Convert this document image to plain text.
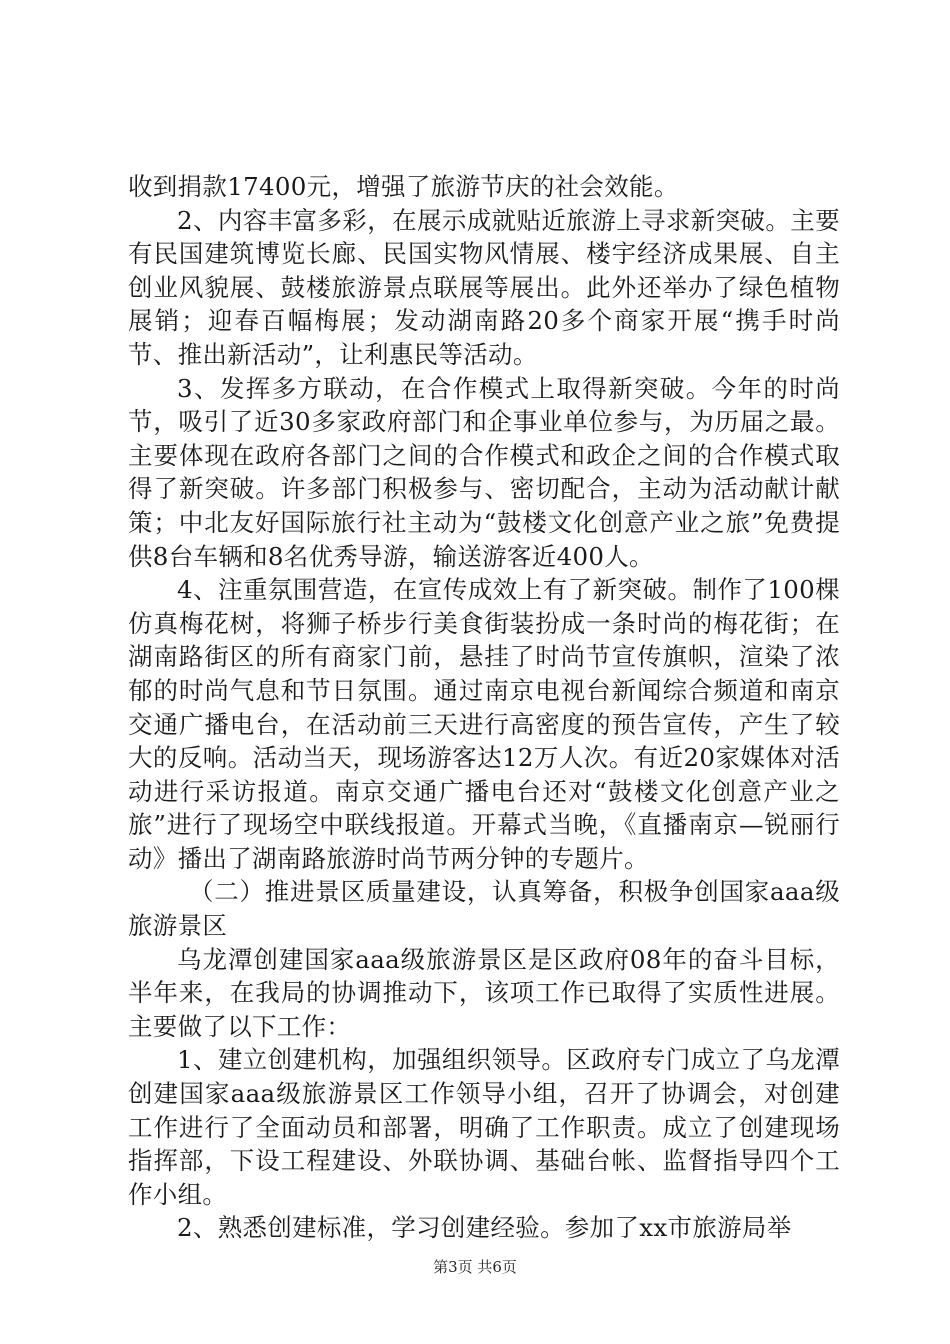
收到捐款17400元，增强了旅游节庆的社会效能。

2、内容丰富多彩，在展示成就贴近旅游上寻求新突破。主要有民国建筑博览长廊、民国实物风情展、楼宇经济成果展、自主创业风貌展、鼓楼旅游景点联展等展出。此外还举办了绿色植物展销；迎春百幅梅展；发动湖南路20多个商家开展“携手时尚节、推出新活动”，让利惠民等活动。

3、发挥多方联动，在合作模式上取得新突破。今年的时尚节，吸引了近30多家政府部门和企事业单位参与，为历届之最。主要体现在政府各部门之间的合作模式和政企之间的合作模式取得了新突破。许多部门积极参与、密切配合，主动为活动献计献策；中北友好国际旅行社主动为“鼓楼文化创意产业之旅”免费提供8台车辆和8名优秀导游，输送游客近400人。

4、注重氛围营造，在宣传成效上有了新突破。制作了100棵仿真梅花树，将狮子桥步行美食街装扮成一条时尚的梅花街；在湖南路街区的所有商家门前，悬挂了时尚节宣传旗帜，渲染了浓郁的时尚气息和节日氛围。通过南京电视台新闻综合频道和南京交通广播电台，在活动前三天进行高密度的预告宣传，产生了较大的反响。活动当天，现场游客达12万人次。有近20家媒体对活动进行采访报道。南京交通广播电台还对“鼓楼文化创意产业之旅”进行了现场空中联线报道。开幕式当晚，《直播南京—锐丽行动》播出了湖南路旅游时尚节两分钟的专题片。

（二）推进景区质量建设，认真筹备，积极争创国家aaa级旅游景区

乌龙潭创建国家aaa级旅游景区是区政府08年的奋斗目标，半年来，在我局的协调推动下，该项工作已取得了实质性进展。主要做了以下工作：

1、建立创建机构，加强组织领导。区政府专门成立了乌龙潭创建国家aaa级旅游景区工作领导小组，召开了协调会，对创建工作进行了全面动员和部署，明确了工作职责。成立了创建现场指挥部，下设工程建设、外联协调、基础台帐、监督指导四个工作小组。

2、熟悉创建标准，学习创建经验。参加了xx市旅游局举

第3页 共6页
